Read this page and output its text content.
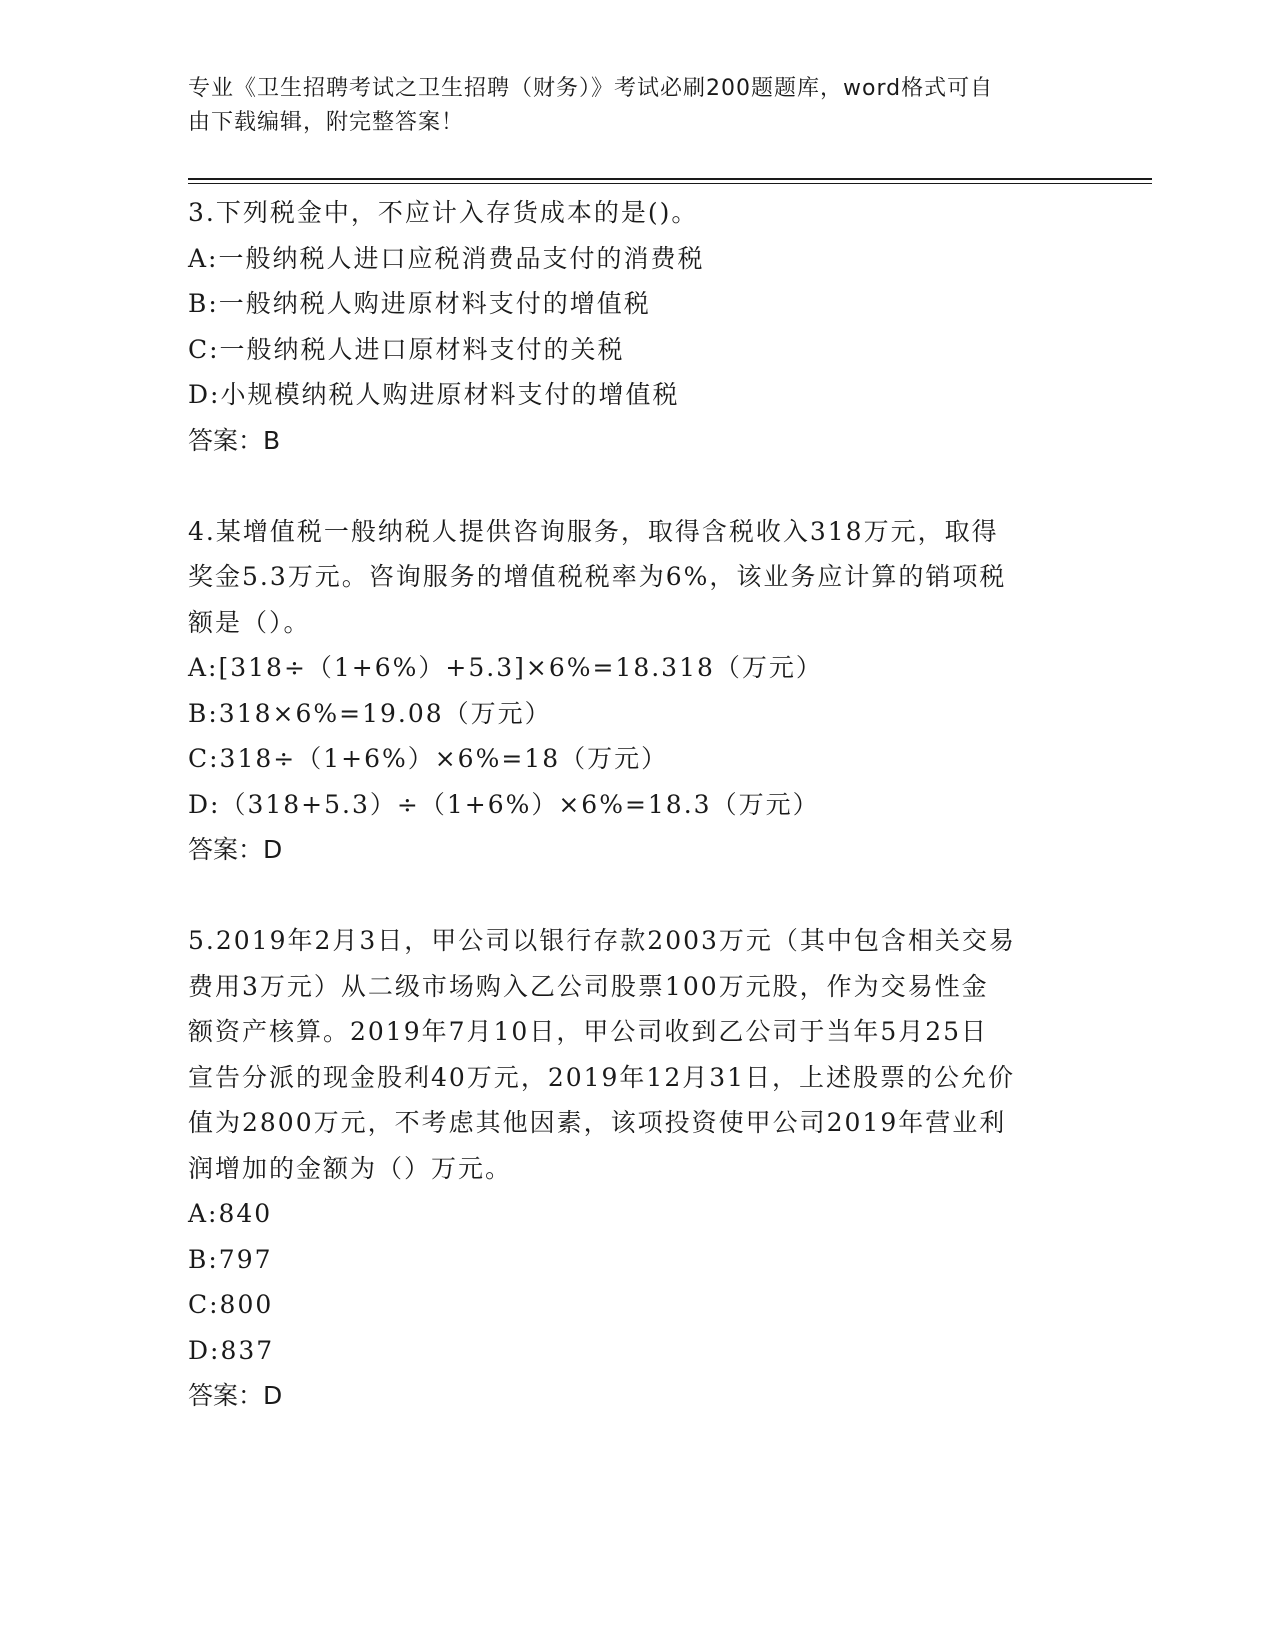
专业《卫生招聘考试之卫生招聘（财务）》考试必刷200题题库，word格式可自
由下载编辑，附完整答案！

3.下列税金中，不应计入存货成本的是()。

A:一般纳税人进口应税消费品支付的消费税

B:一般纳税人购进原材料支付的增值税

C:一般纳税人进口原材料支付的关税

D:小规模纳税人购进原材料支付的增值税

答案：B

4.某增值税一般纳税人提供咨询服务，取得含税收入318万元，取得

奖金5.3万元。咨询服务的增值税税率为6%，该业务应计算的销项税

额是（）。

A:[318÷（1+6%）+5.3]×6%=18.318（万元）

B:318×6%=19.08（万元）

C:318÷（1+6%）×6%=18（万元）

D:（318+5.3）÷（1+6%）×6%=18.3（万元）

答案：D

5.2019年2月3日，甲公司以银行存款2003万元（其中包含相关交易

费用3万元）从二级市场购入乙公司股票100万元股，作为交易性金

额资产核算。2019年7月10日，甲公司收到乙公司于当年5月25日

宣告分派的现金股利40万元，2019年12月31日，上述股票的公允价

值为2800万元，不考虑其他因素，该项投资使甲公司2019年营业利

润增加的金额为（）万元。

A:840

B:797

C:800

D:837

答案：D
